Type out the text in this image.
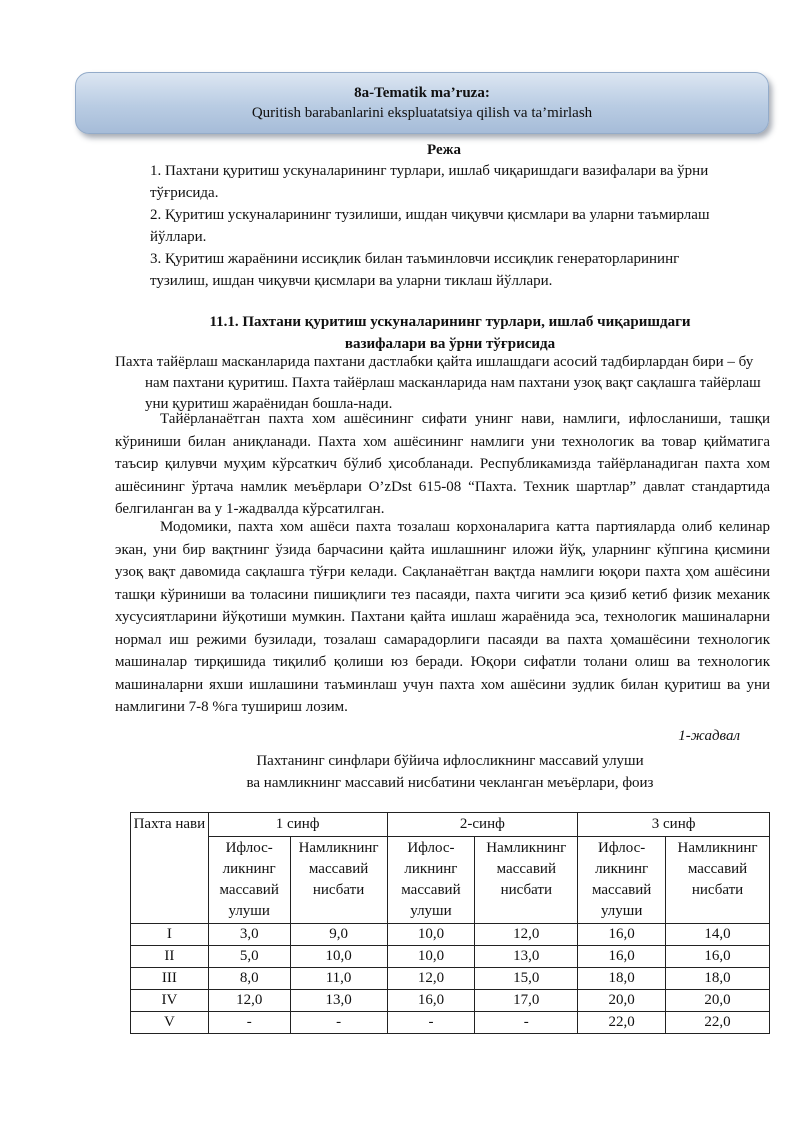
8a-Tematik ma’ruza:
Quritish barabanlarini ekspluatatsiya qilish va ta’mirlash
Режа

1. Пахтани қуритиш ускуналарининг турлари, ишлаб чиқаришдаги вазифалари ва ўрни тўғрисида.

2. Қуритиш ускуналарининг тузилиши, ишдан чиқувчи қисмлари ва уларни таъмирлаш йўллари.

3. Қуритиш жараёнини иссиқлик билан таъминловчи иссиқлик генераторларининг тузилиш, ишдан чиқувчи қисмлари ва уларни тиклаш йўллари.

11.1. Пахтани қуритиш ускуналарининг турлари, ишлаб чиқаришдаги
вазифалари ва ўрни тўғрисида
Пахта тайёрлаш масканларида пахтани дастлабки қайта ишлашдаги асосий тадбирлардан бири – бу нам пахтани қуритиш. Пахта тайёрлаш масканларида нам пахтани узоқ вақт сақлашга тайёрлаш уни қуритиш жараёнидан бошла-нади.
Тайёрланаётган пахта хом ашёсининг сифати унинг нави, намлиги, ифлосланиши, ташқи кўриниши билан аниқланади. Пахта хом ашёсининг намлиги уни технологик ва товар қийматига таъсир қилувчи муҳим кўрсаткич бўлиб ҳисобланади. Республикамизда тайёрланадиган пахта хом ашёсининг ўртача намлик меъёрлари O’zDst 615-08 “Пахта. Техник шартлар” давлат стандартида белгиланган ва у 1-жадвалда кўрсатилган.
Модомики, пахта хом ашёси пахта тозалаш корхоналарига катта партияларда олиб келинар экан, уни бир вақтнинг ўзида барчасини қайта ишлашнинг иложи йўқ, уларнинг кўпгина қисмини узоқ вақт давомида сақлашга тўғри келади. Сақланаётган вақтда намлиги юқори пахта ҳом ашёсини ташқи кўриниши ва толасини пишиқлиги тез пасаяди, пахта чигити эса қизиб кетиб физик механик хусусиятларини йўқотиши мумкин. Пахтани қайта ишлаш жараёнида эса, технологик машиналарни нормал иш режими бузилади, тозалаш самарадорлиги пасаяди ва пахта ҳомашёсини технологик машиналар тирқишида тиқилиб қолиши юз беради. Юқори сифатли толани олиш ва технологик машиналарни яхши ишлашини таъминлаш учун пахта хом ашёсини зудлик билан қуритиш ва уни намлигини 7-8 %га тушириш лозим.
1-жадвал
Пахтанинг синфлари бўйича ифлосликнинг массавий улуши
ва намликнинг массавий нисбатини чекланган меъёрлари, фоиз
Пахта нави	1 синф		2-синф		3 синф	
	Ифлос-ликнинг массавий улуши	Намликнинг массавий нисбати	Ифлос-ликнинг массавий улуши	Намликнинг массавий нисбати	Ифлос-ликнинг массавий улуши	Намликнинг массавий нисбати
I	3,0	9,0	10,0	12,0	16,0	14,0
II	5,0	10,0	10,0	13,0	16,0	16,0
III	8,0	11,0	12,0	15,0	18,0	18,0
IV	12,0	13,0	16,0	17,0	20,0	20,0
V	-	-	-	-	22,0	22,0
